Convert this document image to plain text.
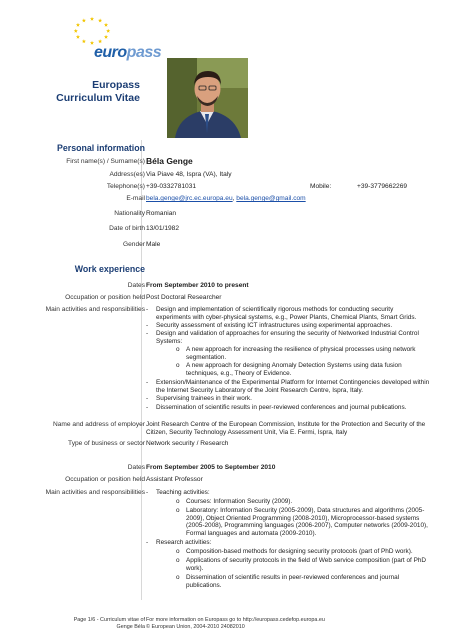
europass
Europass
Curriculum Vitae
Personal information
First name(s) / Surname(s) Béla Genge
Address(es) Via Piave 48, Ispra (VA), Italy
Telephone(s) +39-0332781031	Mobile:	+39-3779662269
E-mail bela.genge@jrc.ec.europa.eu, bela.genge@gmail.com
Nationality Romanian
Date of birth 13/01/1982
Gender Male
Work experience
Dates From September 2010 to present
Occupation or position held Post Doctoral Researcher
Main activities and responsibilities - Design and implementation of scientifically rigorous methods for conducting security
experiments with cyber-physical systems, e.g., Power Plants, Chemical Plants, Smart Grids.
- Security assessment of existing ICT infrastructures using experimental approaches.
- Design and validation of approaches for ensuring the security of Networked Industrial Control
Systems:
o A new approach for increasing the resilience of physical processes using network
segmentation.
o A new approach for designing Anomaly Detection Systems using data fusion
techniques, e.g., Theory of Evidence.
- Extension/Maintenance of the Experimental Platform for Internet Contingencies developed within
the Internet Security Laboratory of the Joint Research Centre, Ispra, Italy.
- Supervising trainees in their work.
- Dissemination of scientific results in peer-reviewed conferences and journal publications.
Name and address of employer Joint Research Centre of the European Commission, Institute for the Protection and Security of the
Citizen, Security Technology Assessment Unit, Via E. Fermi, Ispra, Italy
Type of business or sector Network security / Research
Dates From September 2005 to September 2010
Occupation or position held Assistant Professor
Main activities and responsibilities - Teaching activities:
o Courses: Information Security (2009).
o Laboratory: Information Security (2005-2009), Data structures and algorithms (2005-
2009), Object Oriented Programming (2008-2010), Microprocessor-based systems
(2005-2008), Programming languages (2006-2007), Computer networks (2009-2010),
Formal languages and automata (2009-2010).
- Research activities:
o Composition-based methods for designing security protocols (part of PhD work).
o Applications of security protocols in the field of Web service composition (part of PhD
work).
o Dissemination of scientific results in peer-reviewed conferences and journal
publications.
Page 1/6 - Curriculum vitae of
Genge Béla
For more information on Europass go to http://europass.cedefop.europa.eu
© European Union, 2004-2010 24082010
